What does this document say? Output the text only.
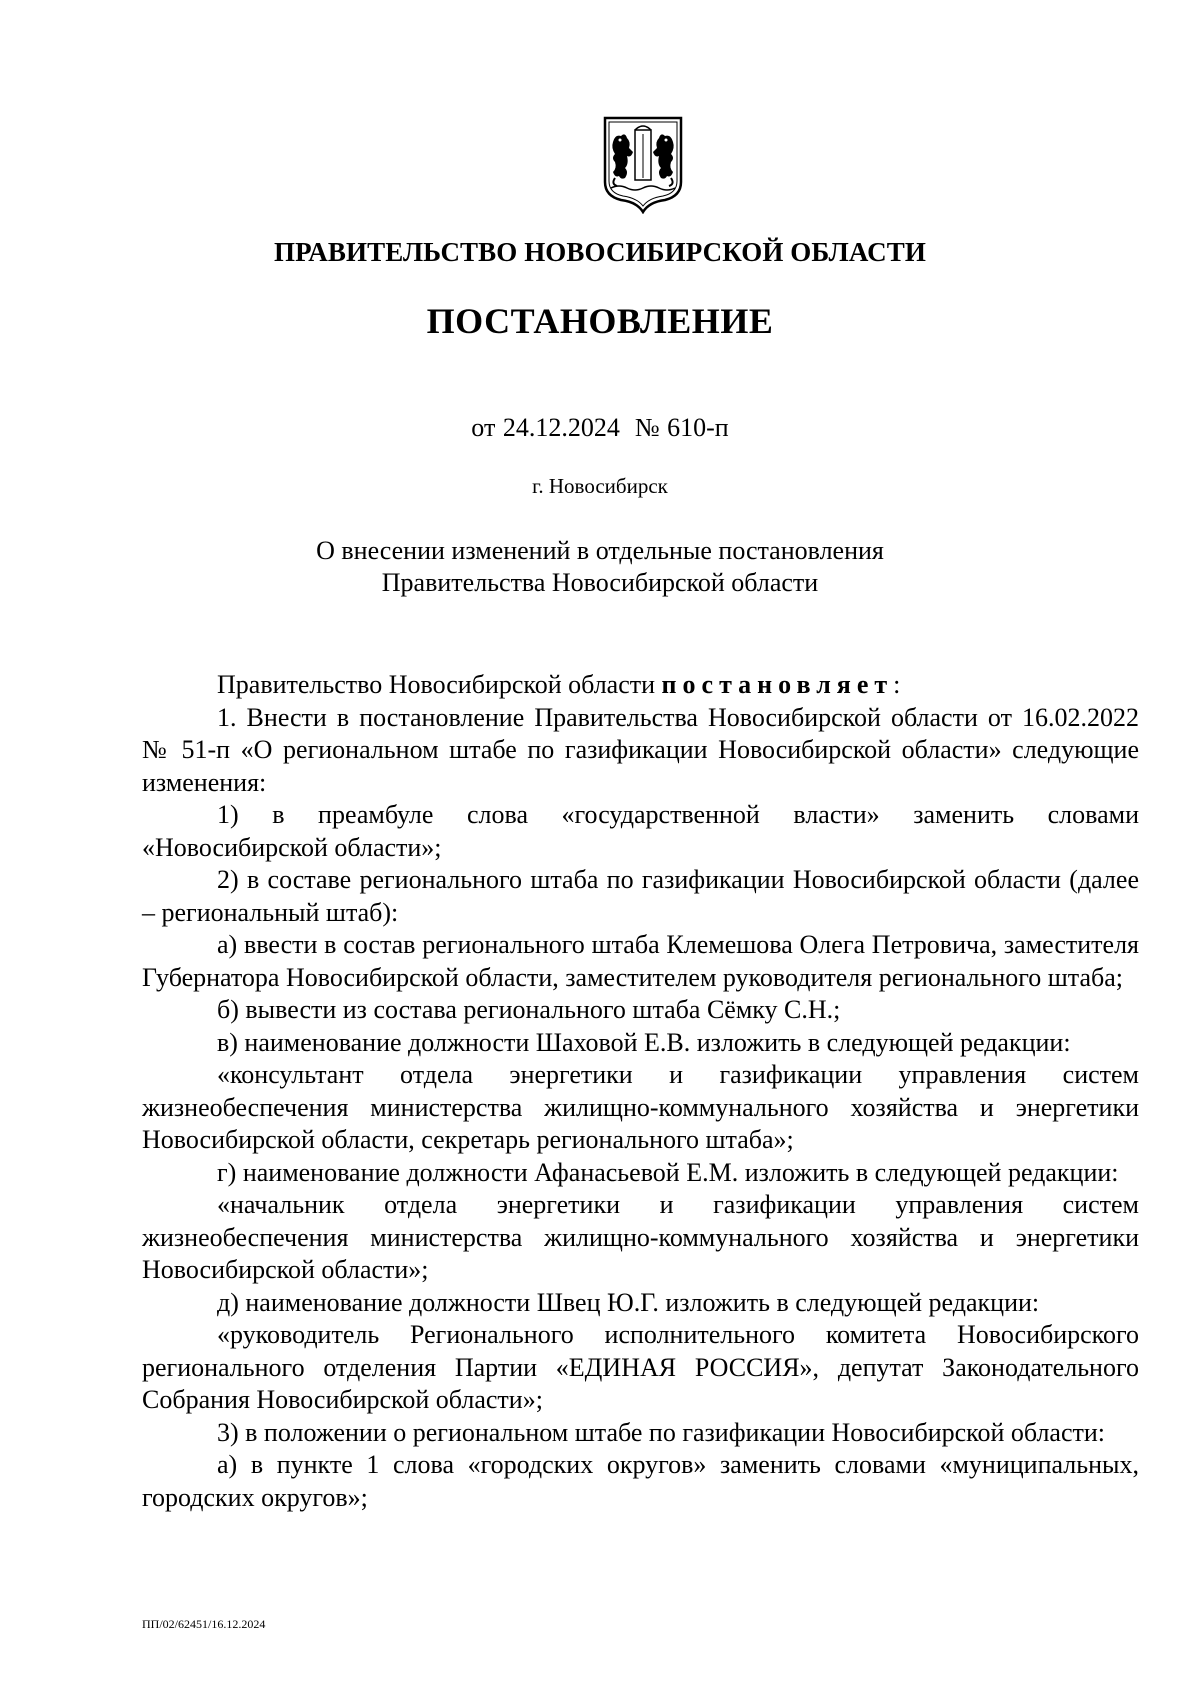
ПРАВИТЕЛЬСТВО НОВОСИБИРСКОЙ ОБЛАСТИ
ПОСТАНОВЛЕНИЕ
от 24.12.2024  № 610-п
г. Новосибирск
О внесении изменений в отдельные постановления
Правительства Новосибирской области

Правительство Новосибирской области постановляет:

1. Внести в постановление Правительства Новосибирской области от 16.02.2022 № 51-п «О региональном штабе по газификации Новосибирской области» следующие изменения:

1) в преамбуле слова «государственной власти» заменить словами «Новосибирской области»;

2) в составе регионального штаба по газификации Новосибирской области (далее – региональный штаб):

а) ввести в состав регионального штаба Клемешова Олега Петровича, заместителя Губернатора Новосибирской области, заместителем руководителя регионального штаба;

б) вывести из состава регионального штаба Сёмку С.Н.;

в) наименование должности Шаховой Е.В. изложить в следующей редакции:

«консультант отдела энергетики и газификации управления систем жизнеобеспечения министерства жилищно-коммунального хозяйства и энергетики Новосибирской области, секретарь регионального штаба»;

г) наименование должности Афанасьевой Е.М. изложить в следующей редакции:

«начальник отдела энергетики и газификации управления систем жизнеобеспечения министерства жилищно-коммунального хозяйства и энергетики Новосибирской области»;

д) наименование должности Швец Ю.Г. изложить в следующей редакции:

«руководитель Регионального исполнительного комитета Новосибирского регионального отделения Партии «ЕДИНАЯ РОССИЯ», депутат Законодательного Собрания Новосибирской области»;

3) в положении о региональном штабе по газификации Новосибирской области:

а) в пункте 1 слова «городских округов» заменить словами «муниципальных, городских округов»;

ПП/02/62451/16.12.2024
